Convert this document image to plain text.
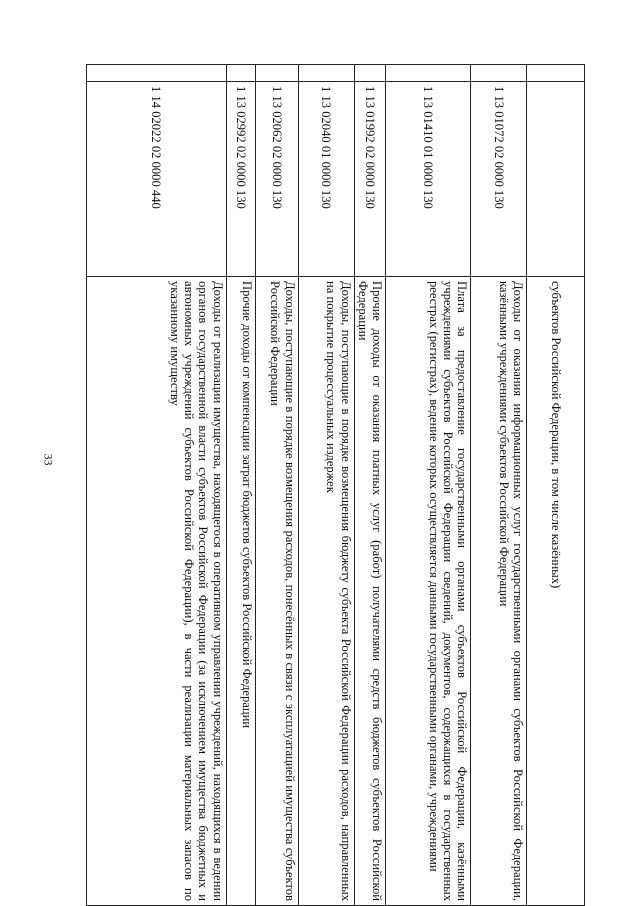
33
			субъектов Российской Федерации, в том числе казённых)
	1 13 01072 02 0000 130	Доходы от оказания информационных услуг государственными органами субъектов Российской Федерации, казёнными учреждениями субъектов Российской Федерации
	1 13 01410 01 0000 130	Плата за предоставление государственными органами субъектов Российской Федерации, казёнными учреждениями субъектов Российской Федерации сведений, документов, содержащихся в государственных реестрах (регистрах), ведение которых осуществляется данными государственными органами, учреждениями
	1 13 01992 02 0000 130	Прочие доходы от оказания платных услуг (работ) получателями средств бюджетов субъектов Российской Федерации
	1 13 02040 01 0000 130	Доходы, поступающие в порядке возмещения бюджету субъекта Российской Федерации расходов, направленных на покрытие процессуальных издержек
	1 13 02062 02 0000 130	Доходы, поступающие в порядке возмещения расходов, понесённых в связи с эксплуатацией имущества субъектов Российской Федерации
	1 13 02992 02 0000 130	Прочие доходы от компенсации затрат бюджетов субъектов Российской Федерации
	1 14 02022 02 0000 440	Доходы от реализации имущества, находящегося в оперативном управлении учреждений, находящихся в ведении органов государственной власти субъектов Российской Федерации (за исключением имущества бюджетных и автономных учреждений субъектов Российской Федерации), в части реализации материальных запасов по указанному имуществу
